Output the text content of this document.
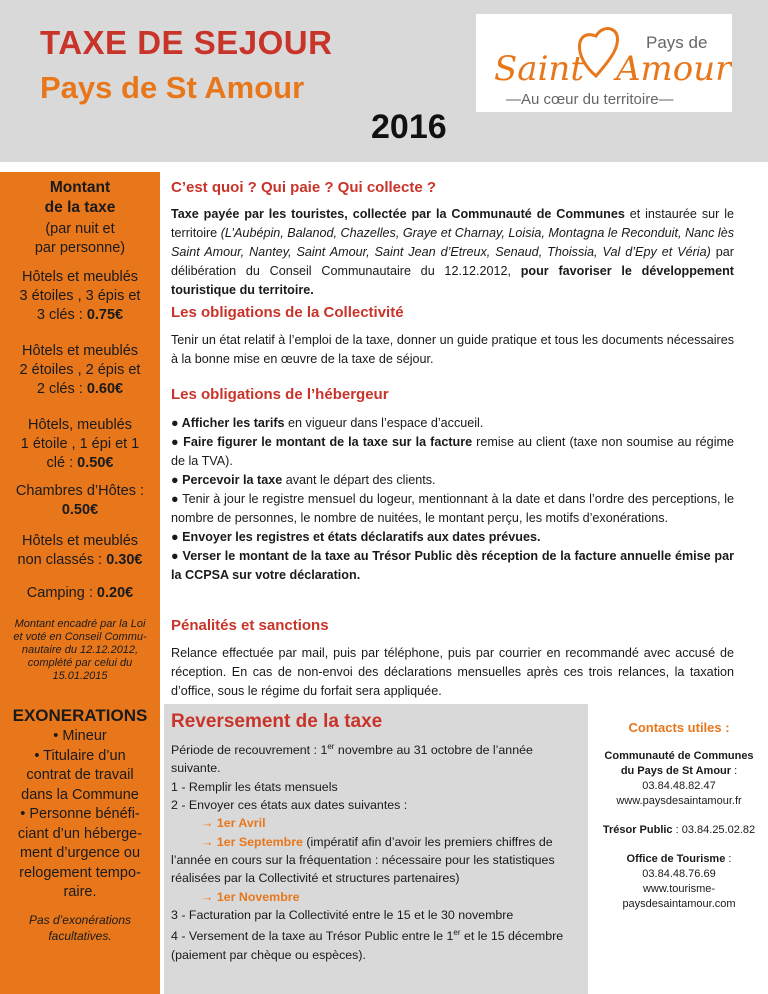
TAXE DE SEJOUR
Pays de St Amour
2016
Saint Amour
Pays de
—Au cœur du territoire—
Montant
de la taxe
(par nuit et
par personne)
Hôtels et meublés
3 étoiles , 3 épis et
3 clés : 0.75€
Hôtels et meublés
2 étoiles , 2 épis et
2 clés : 0.60€
Hôtels, meublés
1 étoile , 1 épi et 1
clé : 0.50€
Chambres d’Hôtes :
0.50€
Hôtels et meublés
non classés : 0.30€
Camping : 0.20€
Montant encadré par la Loi
et voté en Conseil Commu-
nautaire du 12.12.2012,
complété par celui du
15.01.2015
EXONERATIONS
• Mineur
• Titulaire d’un
contrat de travail
dans la Commune
• Personne bénéfi-
ciant d’un héberge-
ment d’urgence ou
relogement tempo-
raire.
Pas d’exonérations
facultatives.
C’est quoi ? Qui paie ? Qui collecte ?
Taxe payée par les touristes, collectée par la Communauté de Communes et instaurée sur le territoire (L’Aubépin, Balanod, Chazelles, Graye et Charnay, Loisia, Montagna le Reconduit, Nanc lès Saint Amour, Nantey, Saint Amour, Saint Jean d’Etreux, Senaud, Thoissia, Val d’Epy et Véria) par délibération du Conseil Communautaire du 12.12.2012, pour favoriser le développement touristique du territoire.
Les obligations de la Collectivité
Tenir un état relatif à l’emploi de la taxe, donner un guide pratique et tous les documents nécessaires à la bonne mise en œuvre de la taxe de séjour.
Les obligations de l’hébergeur
● Afficher les tarifs en vigueur dans l’espace d’accueil.
● Faire figurer le montant de la taxe sur la facture remise au client (taxe non soumise au régime de la TVA).
● Percevoir la taxe avant le départ des clients.
● Tenir à jour le registre mensuel du logeur, mentionnant à la date et dans l’ordre des perceptions, le nombre de personnes, le nombre de nuitées, le montant perçu, les motifs d’exonérations.
● Envoyer les registres et états déclaratifs aux dates prévues.
● Verser le montant de la taxe au Trésor Public dès réception de la facture annuelle émise par la CCPSA sur votre déclaration.
Pénalités et sanctions
Relance effectuée par mail, puis par téléphone, puis par courrier en recommandé avec accusé de réception. En cas de non-envoi des déclarations mensuelles après ces trois relances, la taxation d’office, sous le régime du forfait sera appliquée.
Reversement de la taxe
Période de recouvrement : 1er novembre au 31 octobre de l’année suivante.
1 - Remplir les états mensuels
2 - Envoyer ces états aux dates suivantes :
→ 1er Avril
→ 1er Septembre (impératif afin d’avoir les premiers chiffres de l’année en cours sur la fréquentation : nécessaire pour les statistiques réalisées par la Collectivité et structures partenaires)
→ 1er Novembre
3 - Facturation par la Collectivité entre le 15 et le 30 novembre
4 - Versement de la taxe au Trésor Public entre le 1er et le 15 décembre (paiement par chèque ou espèces).
Contacts utiles :
Communauté de Communes
du Pays de St Amour :
03.84.48.82.47
www.paysdesaintamour.fr
Trésor Public : 03.84.25.02.82
Office de Tourisme :
03.84.48.76.69
www.tourisme-
paysdesaintamour.com
